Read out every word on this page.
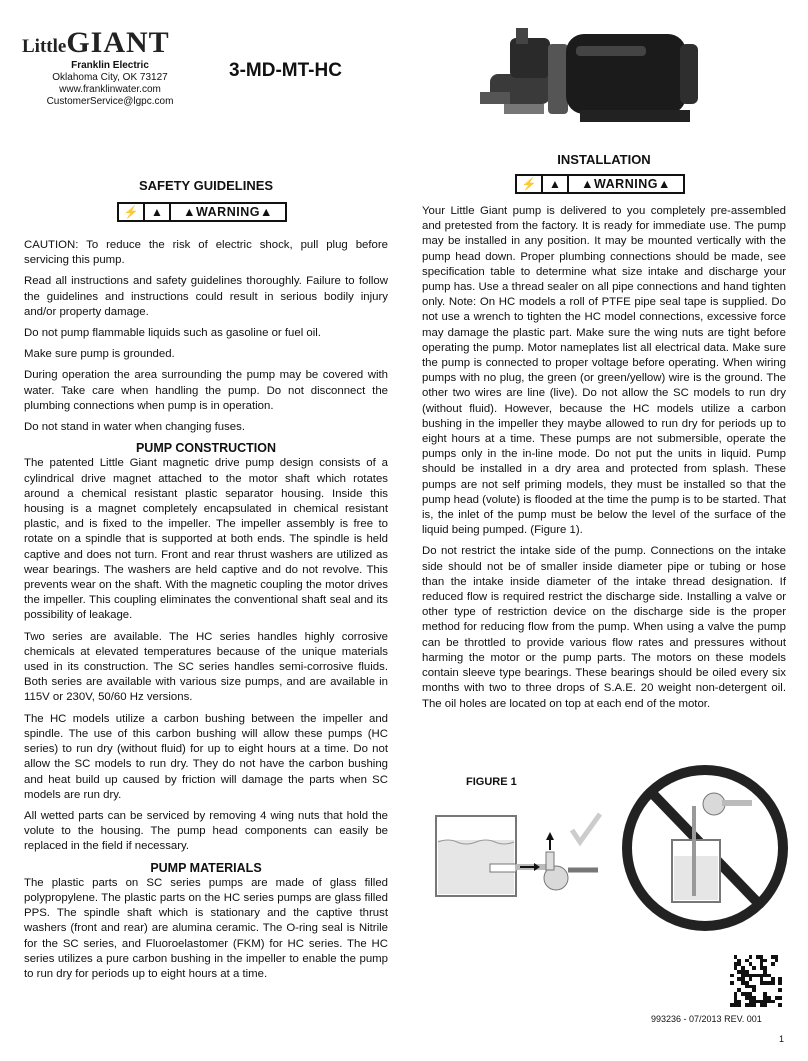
LittleGIANT
Franklin Electric
Oklahoma City, OK 73127
www.franklinwater.com
CustomerService@lgpc.com
3-MD-MT-HC
SAFETY GUIDELINES
⚡	▲	▲WARNING▲

CAUTION: To reduce the risk of electric shock, pull plug before servicing this pump.

Read all instructions and safety guidelines thoroughly. Failure to follow the guidelines and instructions could result in serious bodily injury and/or property damage.

Do not pump flammable liquids such as gasoline or fuel oil.

Make sure pump is grounded.

During operation the area surrounding the pump may be covered with water. Take care when handling the pump. Do not disconnect the plumbing connections when pump is in operation.

Do not stand in water when changing fuses.

PUMP CONSTRUCTION

The patented Little Giant magnetic drive pump design consists of a cylindrical drive magnet attached to the motor shaft which rotates around a chemical resistant plastic separator housing. Inside this housing is a magnet completely encapsulated in chemical resistant plastic, and is fixed to the impeller. The impeller assembly is free to rotate on a spindle that is supported at both ends. The spindle is held captive and does not turn. Front and rear thrust washers are utilized as wear bearings. The washers are held captive and do not revolve. This prevents wear on the shaft. With the magnetic coupling the motor drives the impeller. This coupling eliminates the conventional shaft seal and its possibility of leakage.

Two series are available. The HC series handles highly corrosive chemicals at elevated temperatures because of the unique materials used in its construction. The SC series handles semi-corrosive fluids. Both series are available with various size pumps, and are available in 115V or 230V, 50/60 Hz versions.

The HC models utilize a carbon bushing between the impeller and spindle. The use of this carbon bushing will allow these pumps (HC series) to run dry (without fluid) for up to eight hours at a time. Do not allow the SC models to run dry. They do not have the carbon bushing and heat build up caused by friction will damage the parts when SC models are run dry.

All wetted parts can be serviced by removing 4 wing nuts that hold the volute to the housing. The pump head components can easily be replaced in the field if necessary.

PUMP MATERIALS

The plastic parts on SC series pumps are made of glass filled polypropylene. The plastic parts on the HC series pumps are glass filled PPS. The spindle shaft which is stationary and the captive thrust washers (front and rear) are alumina ceramic. The O-ring seal is Nitrile for the SC series, and Fluoroelastomer (FKM) for HC series. The HC series utilizes a pure carbon bushing in the impeller to enable the pump to run dry for periods up to eight hours at a time.

INSTALLATION
⚡	▲	▲WARNING▲

Your Little Giant pump is delivered to you completely pre-assembled and pretested from the factory. It is ready for immediate use. The pump may be installed in any position. It may be mounted vertically with the pump head down. Proper plumbing connections should be made, see specification table to determine what size intake and discharge your pump has. Use a thread sealer on all pipe connections and hand tighten only. Note: On HC models a roll of PTFE pipe seal tape is supplied. Do not use a wrench to tighten the HC model connections, excessive force may damage the plastic part. Make sure the wing nuts are tight before operating the pump. Motor nameplates list all electrical data. Make sure the pump is connected to proper voltage before operating. When wiring pumps with no plug, the green (or green/yellow) wire is the ground. The other two wires are line (live). Do not allow the SC models to run dry (without fluid). However, because the HC models utilize a carbon bushing in the impeller they maybe allowed to run dry for periods up to eight hours at a time. These pumps are not submersible, operate the pumps only in the in-line mode. Do not put the units in liquid. Pump should be installed in a dry area and protected from splash. These pumps are not self priming models, they must be installed so that the pump head (volute) is flooded at the time the pump is to be started. That is, the inlet of the pump must be below the level of the surface of the liquid being pumped. (Figure 1).

Do not restrict the intake side of the pump. Connections on the intake side should not be of smaller inside diameter pipe or tubing or hose than the intake inside diameter of the intake thread designation. If reduced flow is required restrict the discharge side. Installing a valve or other type of restriction device on the discharge side is the proper method for reducing flow from the pump. When using a valve the pump can be throttled to provide various flow rates and pressures without harming the motor or the pump parts. The motors on these models contain sleeve type bearings. These bearings should be oiled every six months with two to three drops of S.A.E. 20 weight non-detergent oil. The oil holes are located on top at each end of the motor.

FIGURE 1
993236 - 07/2013 REV. 001
1
